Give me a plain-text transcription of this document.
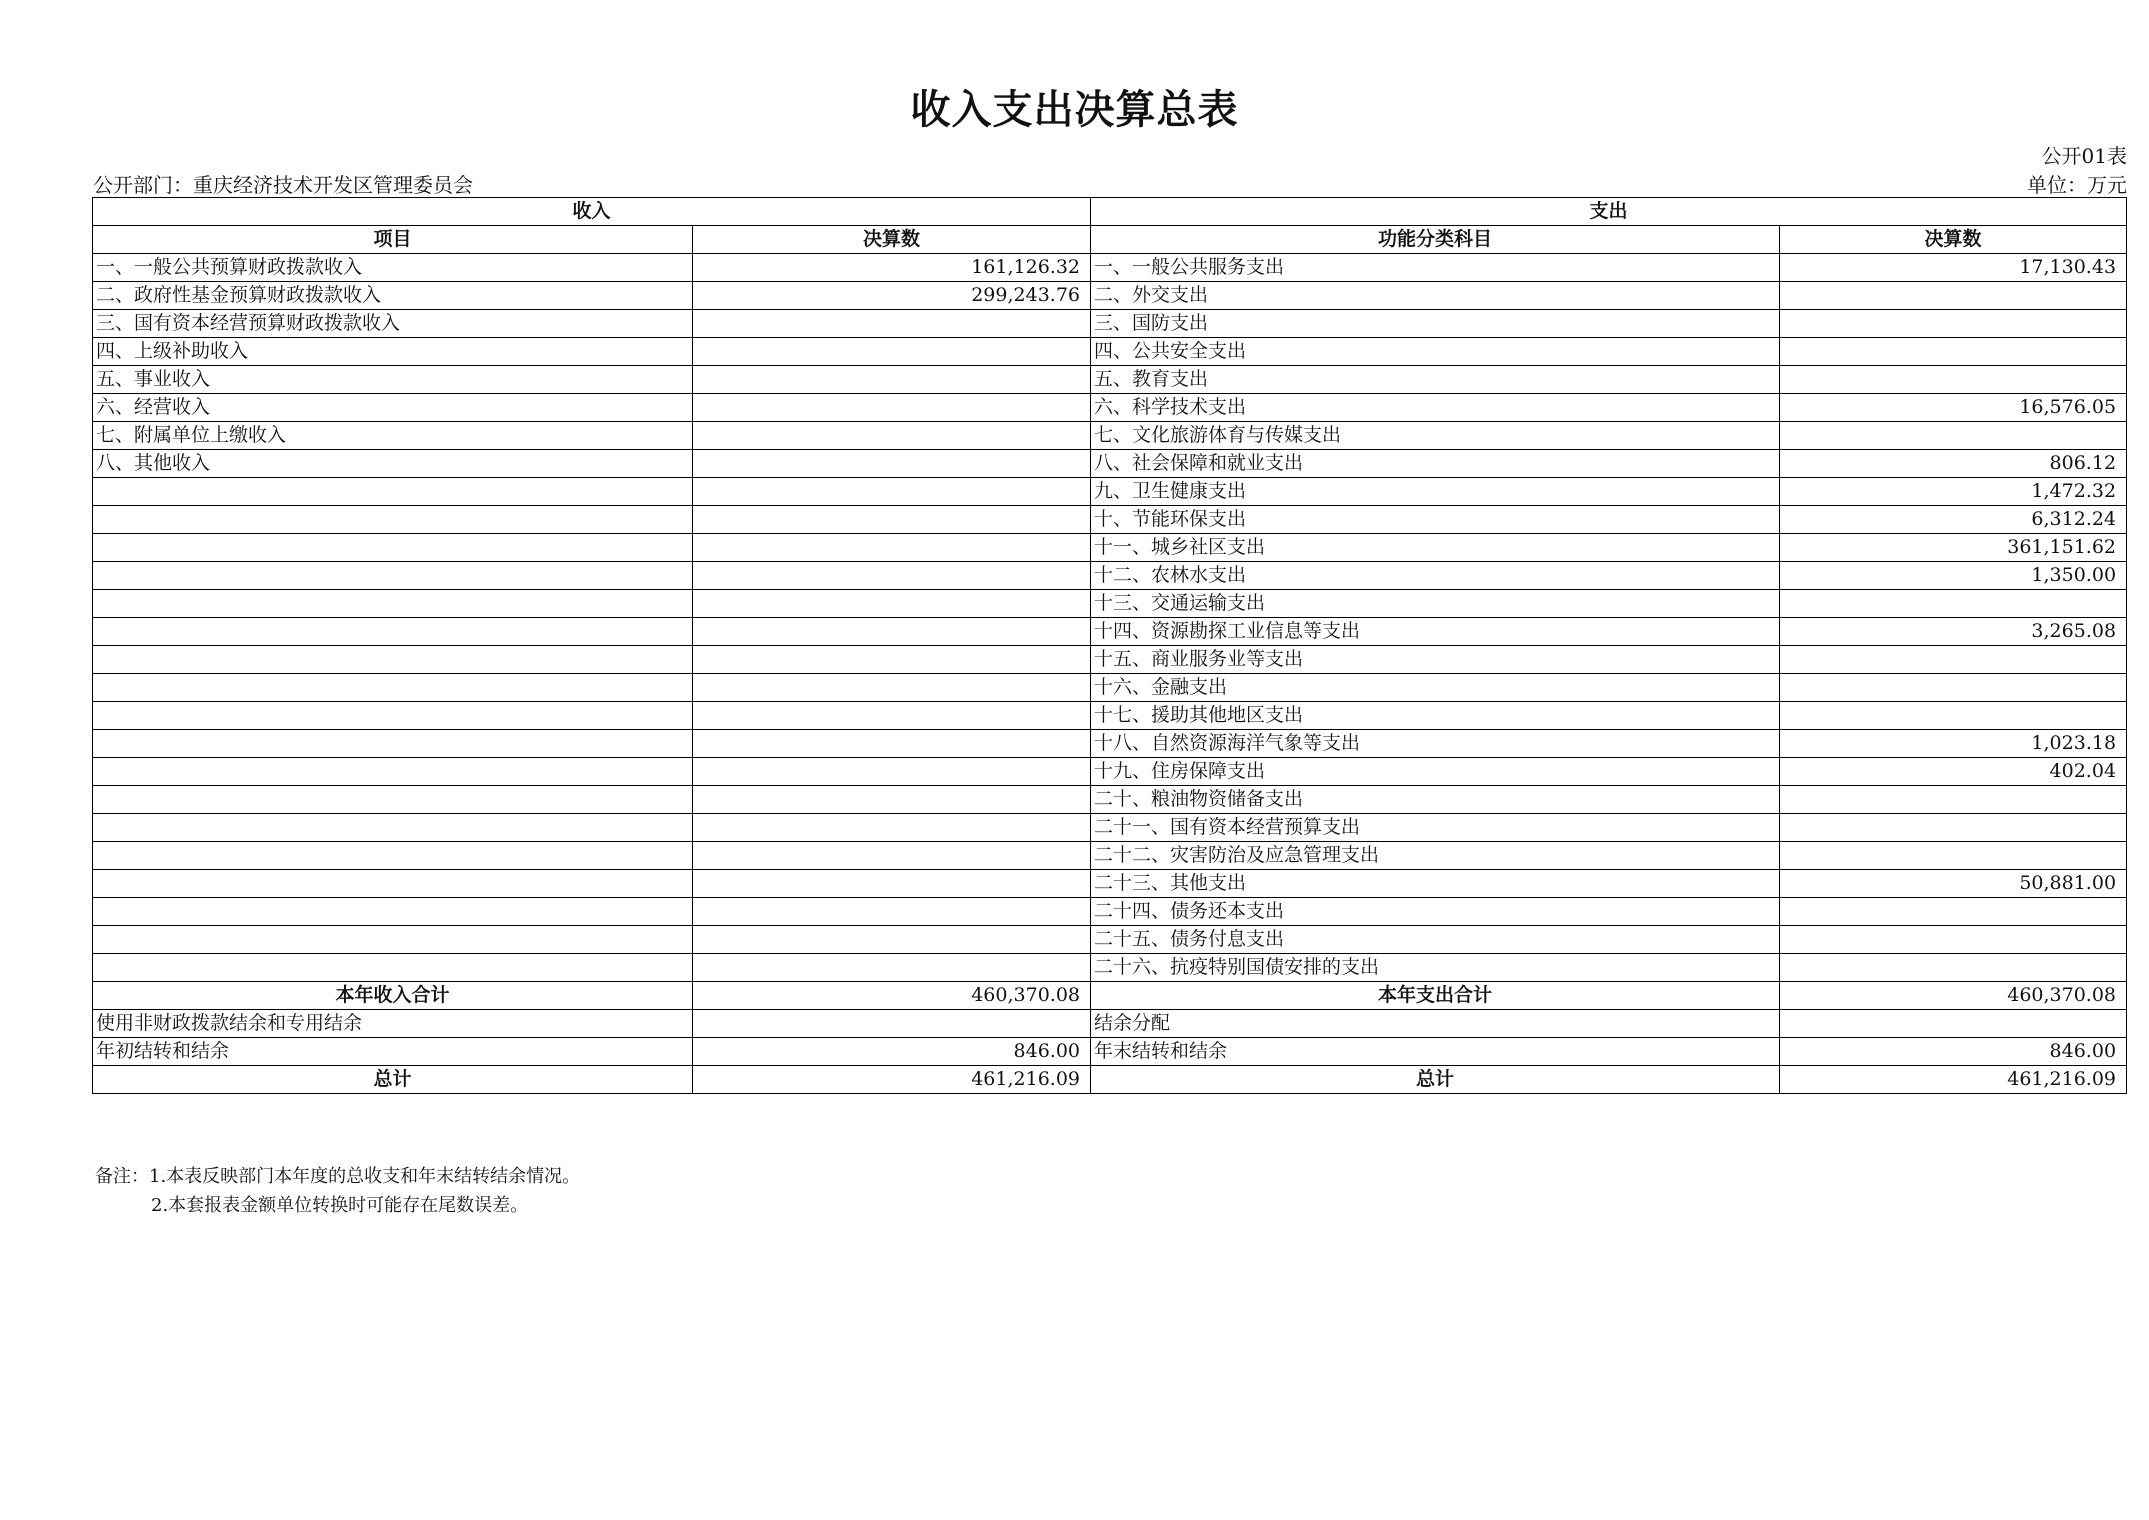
收入支出决算总表
公开01表
公开部门：重庆经济技术开发区管理委员会	单位：万元
收入		支出	
项目	决算数	功能分类科目	决算数
一、一般公共预算财政拨款收入	161,126.32	一、一般公共服务支出	17,130.43
二、政府性基金预算财政拨款收入	299,243.76	二、外交支出	
三、国有资本经营预算财政拨款收入		三、国防支出	
四、上级补助收入		四、公共安全支出	
五、事业收入		五、教育支出	
六、经营收入		六、科学技术支出	16,576.05
七、附属单位上缴收入		七、文化旅游体育与传媒支出	
八、其他收入		八、社会保障和就业支出	806.12
		九、卫生健康支出	1,472.32
		十、节能环保支出	6,312.24
		十一、城乡社区支出	361,151.62
		十二、农林水支出	1,350.00
		十三、交通运输支出	
		十四、资源勘探工业信息等支出	3,265.08
		十五、商业服务业等支出	
		十六、金融支出	
		十七、援助其他地区支出	
		十八、自然资源海洋气象等支出	1,023.18
		十九、住房保障支出	402.04
		二十、粮油物资储备支出	
		二十一、国有资本经营预算支出	
		二十二、灾害防治及应急管理支出	
		二十三、其他支出	50,881.00
		二十四、债务还本支出	
		二十五、债务付息支出	
		二十六、抗疫特别国债安排的支出	
本年收入合计	460,370.08	本年支出合计	460,370.08
使用非财政拨款结余和专用结余		结余分配	
年初结转和结余	846.00	年末结转和结余	846.00
总计	461,216.09	总计	461,216.09
备注：1.本表反映部门本年度的总收支和年末结转结余情况。
2.本套报表金额单位转换时可能存在尾数误差。
